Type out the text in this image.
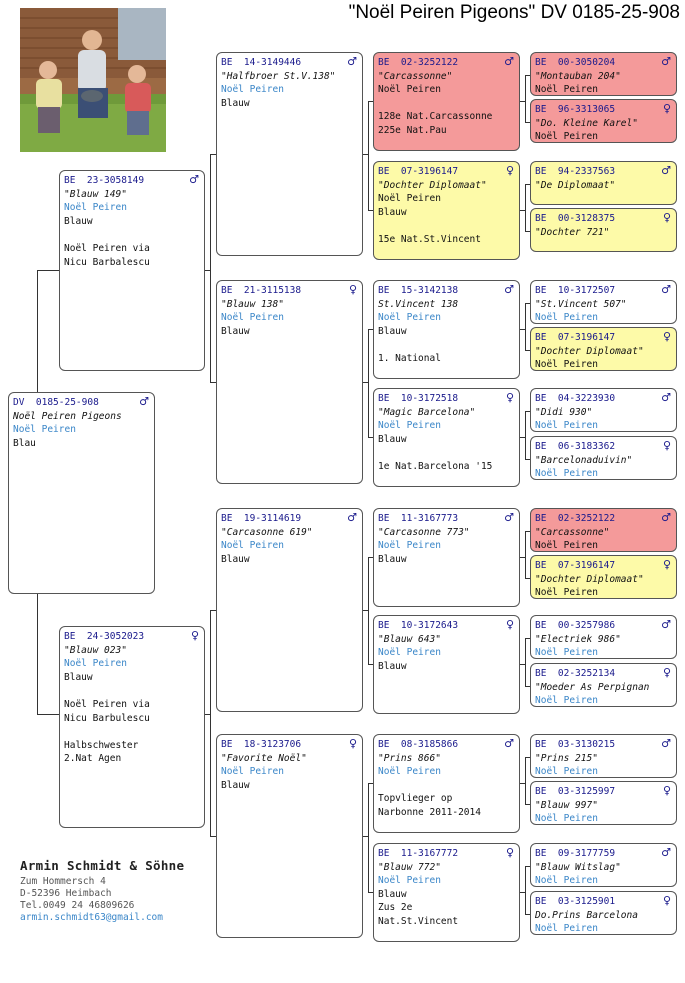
"Noël Peiren Pigeons" DV 0185-25-908
DV  0185-25-908	♂
Noël Peiren Pigeons
Noël Peiren
Blau
BE  23-3058149	♂
"Blauw 149"
Noël Peiren
Blauw
Noël Peiren via
Nicu Barbalescu
BE  24-3052023	♀
"Blauw 023"
Noël Peiren
Blauw
Noël Peiren via
Nicu Barbulescu
Halbschwester
2.Nat Agen
BE  14-3149446	♂
"Halfbroer St.V.138"
Noël Peiren
Blauw
BE  21-3115138	♀
"Blauw 138"
Noël Peiren
Blauw
BE  19-3114619	♂
"Carcasonne 619"
Noël Peiren
Blauw
BE  18-3123706	♀
"Favorite Noël"
Noël Peiren
Blauw
BE  02-3252122	♂
"Carcassonne"
Noël Peiren
128e Nat.Carcassonne
225e Nat.Pau
BE  07-3196147	♀
"Dochter Diplomaat"
Noël Peiren
Blauw
15e Nat.St.Vincent
BE  15-3142138	♂
St.Vincent 138
Noël Peiren
Blauw
1. National
BE  10-3172518	♀
"Magic Barcelona"
Noël Peiren
Blauw
1e Nat.Barcelona '15
BE  11-3167773	♂
"Carcasonne 773"
Noël Peiren
Blauw
BE  10-3172643	♀
"Blauw 643"
Noël Peiren
Blauw
BE  08-3185866	♂
"Prins 866"
Noël Peiren
Topvlieger op
Narbonne 2011-2014
BE  11-3167772	♀
"Blauw 772"
Noël Peiren
Blauw
Zus 2e
Nat.St.Vincent
BE  00-3050204	♂
"Montauban 204"
Noël Peiren
BE  96-3313065	♀
"Do. Kleine Karel"
Noël Peiren
BE  94-2337563	♂
"De Diplomaat"
BE  00-3128375	♀
"Dochter 721"
BE  10-3172507	♂
"St.Vincent 507"
Noël Peiren
BE  07-3196147	♀
"Dochter Diplomaat"
Noël Peiren
BE  04-3223930	♂
"Didi 930"
Noël Peiren
BE  06-3183362	♀
"Barcelonaduivin"
Noël Peiren
BE  02-3252122	♂
"Carcassonne"
Noël Peiren
BE  07-3196147	♀
"Dochter Diplomaat"
Noël Peiren
BE  00-3257986	♂
"Electriek 986"
Noël Peiren
BE  02-3252134	♀
"Moeder As Perpignan
Noël Peiren
BE  03-3130215	♂
"Prins 215"
Noël Peiren
BE  03-3125997	♀
"Blauw 997"
Noël Peiren
BE  09-3177759	♂
"Blauw Witslag"
Noël Peiren
BE  03-3125901	♀
Do.Prins Barcelona
Noël Peiren
Armin Schmidt & Söhne
Zum Hommersch 4
D-52396 Heimbach
Tel.0049 24 46809626
armin.schmidt63@gmail.com
